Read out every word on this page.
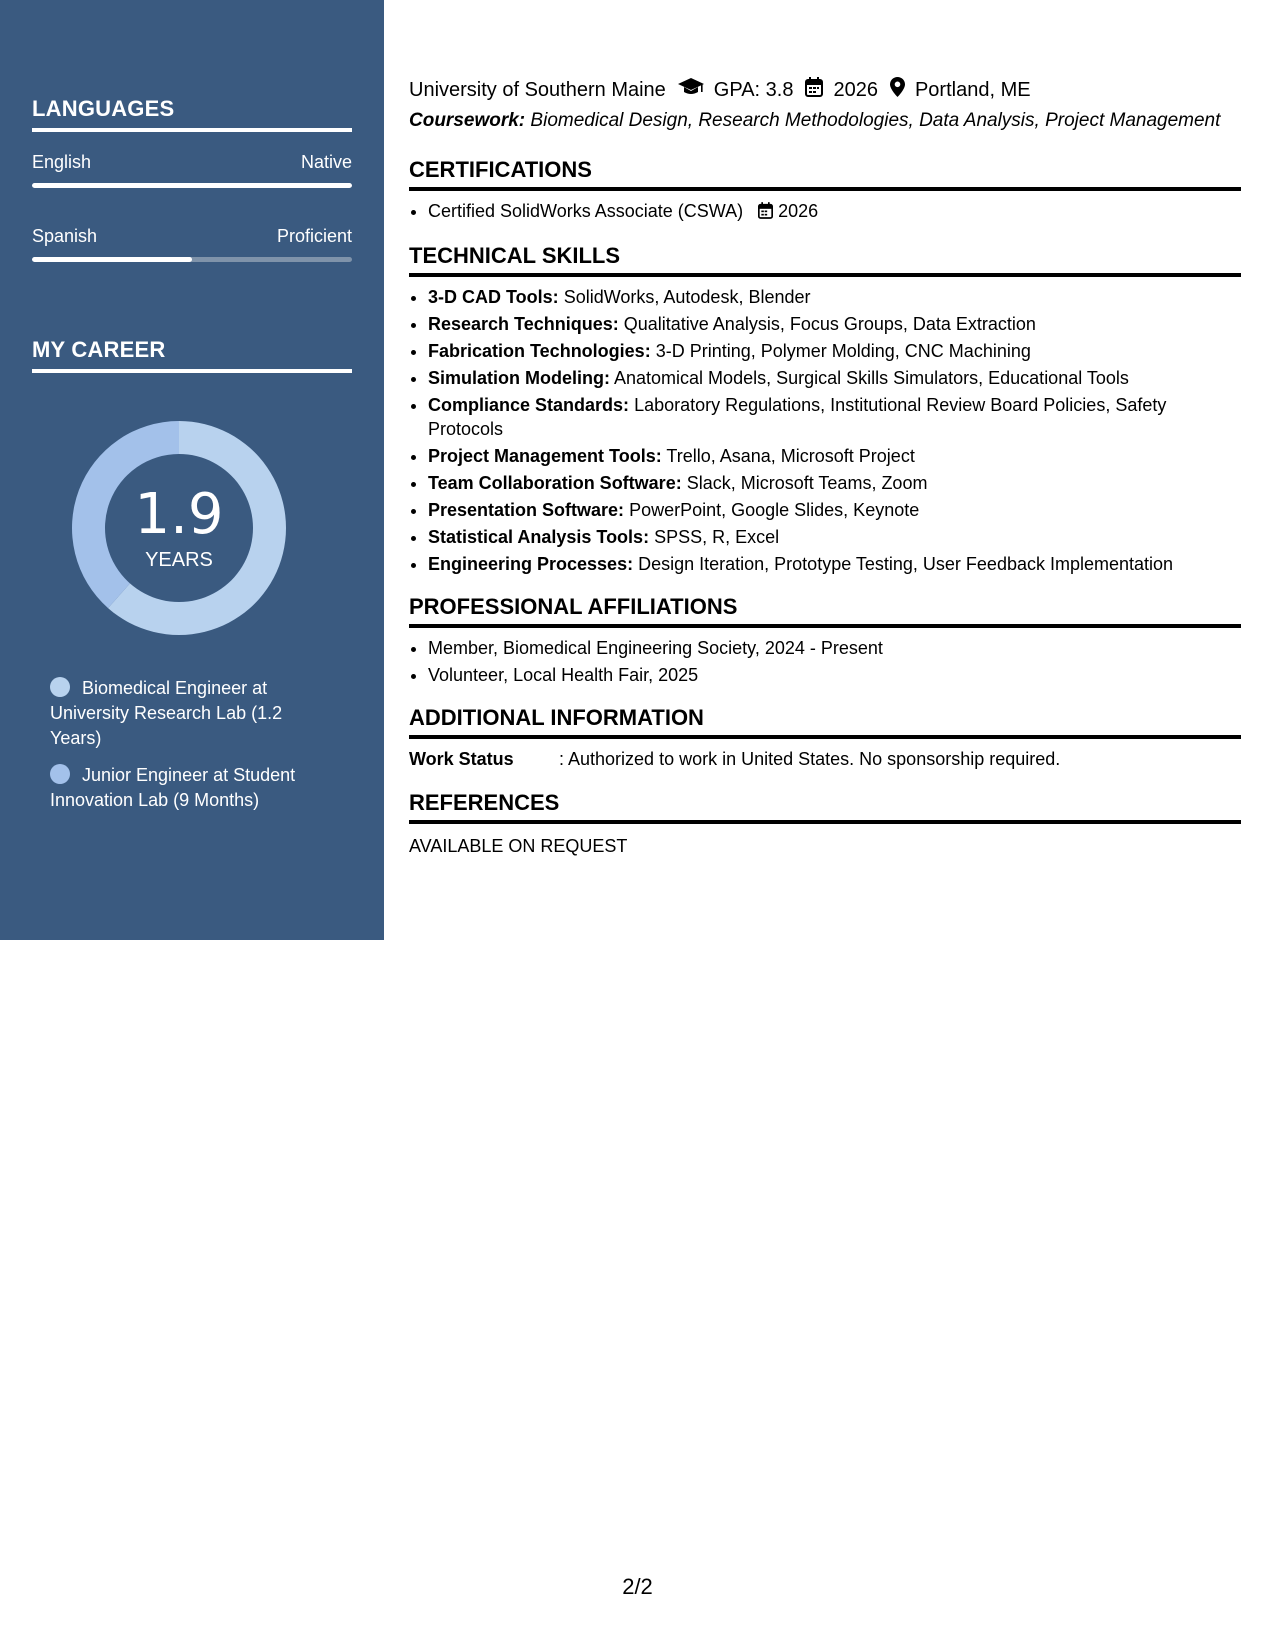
LANGUAGES
English	Native
Spanish	Proficient
MY CAREER
1.9
YEARS
Biomedical Engineer at University Research Lab (1.2 Years)
Junior Engineer at Student Innovation Lab (9 Months)
University of Southern Maine GPA: 3.8 2026 Portland, ME
Coursework: Biomedical Design, Research Methodologies, Data Analysis, Project Management
CERTIFICATIONS
• Certified SolidWorks Associate (CSWA) 2026
TECHNICAL SKILLS
• 3-D CAD Tools: SolidWorks, Autodesk, Blender
• Research Techniques: Qualitative Analysis, Focus Groups, Data Extraction
• Fabrication Technologies: 3-D Printing, Polymer Molding, CNC Machining
• Simulation Modeling: Anatomical Models, Surgical Skills Simulators, Educational Tools
• Compliance Standards: Laboratory Regulations, Institutional Review Board Policies, Safety Protocols
• Project Management Tools: Trello, Asana, Microsoft Project
• Team Collaboration Software: Slack, Microsoft Teams, Zoom
• Presentation Software: PowerPoint, Google Slides, Keynote
• Statistical Analysis Tools: SPSS, R, Excel
• Engineering Processes: Design Iteration, Prototype Testing, User Feedback Implementation
PROFESSIONAL AFFILIATIONS
• Member, Biomedical Engineering Society, 2024 - Present
• Volunteer, Local Health Fair, 2025
ADDITIONAL INFORMATION
Work Status	: Authorized to work in United States. No sponsorship required.
REFERENCES
AVAILABLE ON REQUEST
2/2
